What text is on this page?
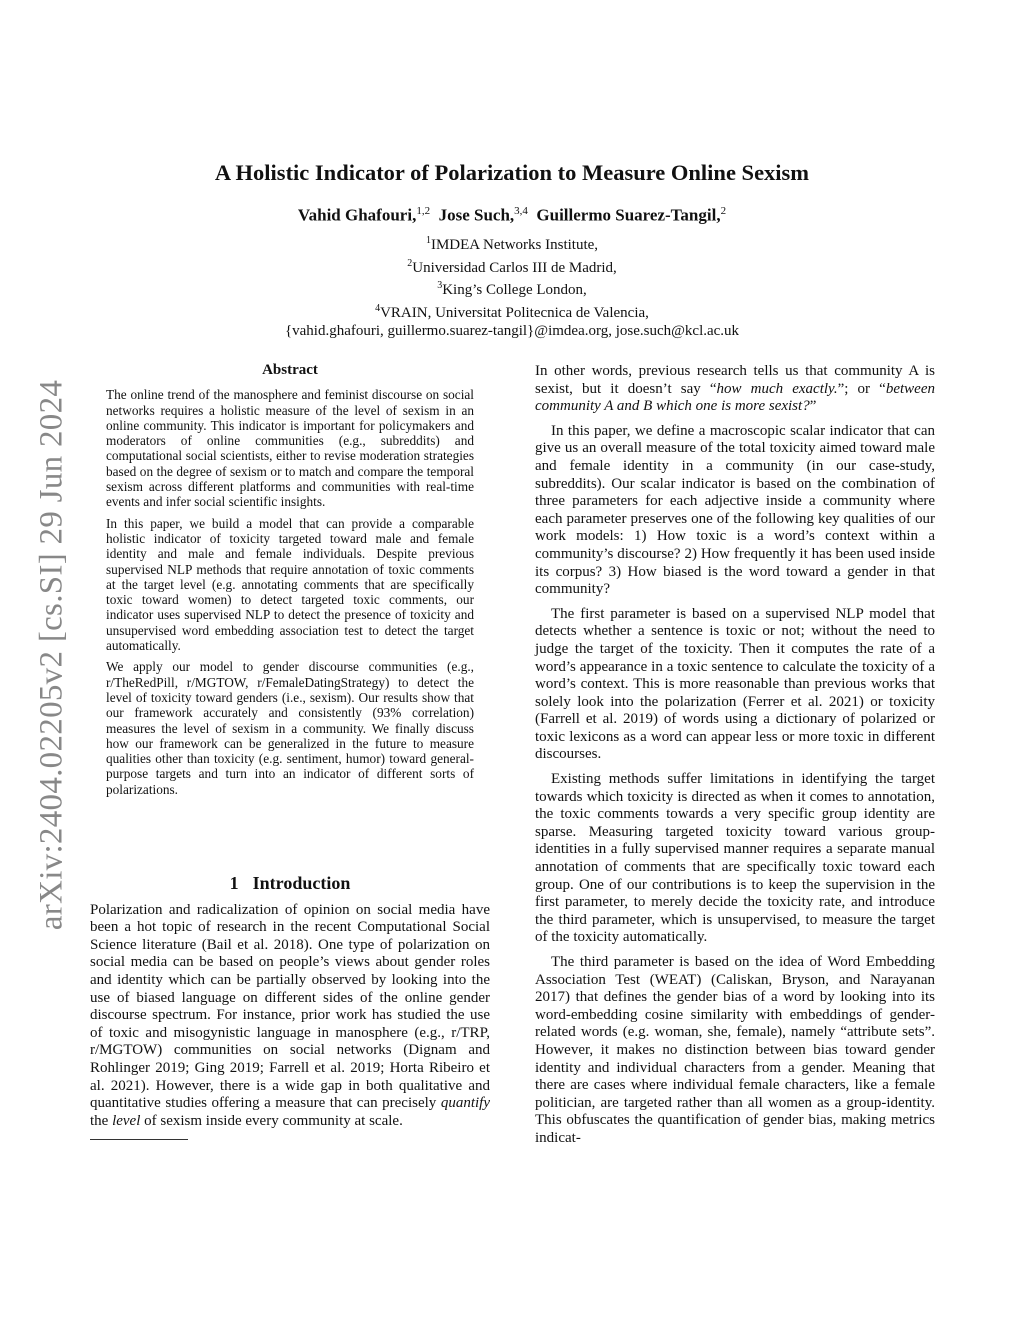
A Holistic Indicator of Polarization to Measure Online Sexism
Vahid Ghafouri,$^{1,2}$ Jose Such,$^{3,4}$ Guillermo Suarez-Tangil,$^2$
$^1$IMDEA Networks Institute,
$^2$Universidad Carlos III de Madrid,
$^3$King’s College London,
$^4$VRAIN, Universitat Politecnica de Valencia,
{vahid.ghafouri, guillermo.suarez-tangil}@imdea.org, jose.such@kcl.ac.uk
arXiv:2404.02205v2 [cs.SI] 29 Jun 2024
Abstract

The online trend of the manosphere and feminist discourse on social networks requires a holistic measure of the level of sexism in an online community. This indicator is important for policymakers and moderators of online communities (e.g., subreddits) and computational social scientists, either to revise moderation strategies based on the degree of sexism or to match and compare the temporal sexism across different platforms and communities with real-time events and infer social scientific insights.

In this paper, we build a model that can provide a comparable holistic indicator of toxicity targeted toward male and female identity and male and female individuals. Despite previous supervised NLP methods that require annotation of toxic comments at the target level (e.g. annotating comments that are specifically toxic toward women) to detect targeted toxic comments, our indicator uses supervised NLP to detect the presence of toxicity and unsupervised word embedding association test to detect the target automatically.

We apply our model to gender discourse communities (e.g., r/TheRedPill, r/MGTOW, r/FemaleDatingStrategy) to detect the level of toxicity toward genders (i.e., sexism). Our results show that our framework accurately and consistently (93% correlation) measures the level of sexism in a community. We finally discuss how our framework can be generalized in the future to measure qualities other than toxicity (e.g. sentiment, humor) toward general-purpose targets and turn into an indicator of different sorts of polarizations.

1 Introduction

Polarization and radicalization of opinion on social media have been a hot topic of research in the recent Computational Social Science literature (Bail et al. 2018). One type of polarization on social media can be based on people’s views about gender roles and identity which can be partially observed by looking into the use of biased language on different sides of the online gender discourse spectrum. For instance, prior work has studied the use of toxic and misogynistic language in manosphere (e.g., r/TRP, r/MGTOW) communities on social networks (Dignam and Rohlinger 2019; Ging 2019; Farrell et al. 2019; Horta Ribeiro et al. 2021). However, there is a wide gap in both qualitative and quantitative studies offering a measure that can precisely quantify the level of sexism inside every community at scale.

In other words, previous research tells us that community A is sexist, but it doesn’t say “how much exactly.”; or “between community A and B which one is more sexist?”

In this paper, we define a macroscopic scalar indicator that can give us an overall measure of the total toxicity aimed toward male and female identity in a community (in our case-study, subreddits). Our scalar indicator is based on the combination of three parameters for each adjective inside a community where each parameter preserves one of the following key qualities of our work models: 1) How toxic is a word’s context within a community’s discourse? 2) How frequently it has been used inside its corpus? 3) How biased is the word toward a gender in that community?

The first parameter is based on a supervised NLP model that detects whether a sentence is toxic or not; without the need to judge the target of the toxicity. Then it computes the rate of a word’s appearance in a toxic sentence to calculate the toxicity of a word’s context. This is more reasonable than previous works that solely look into the polarization (Ferrer et al. 2021) or toxicity (Farrell et al. 2019) of words using a dictionary of polarized or toxic lexicons as a word can appear less or more toxic in different discourses.

Existing methods suffer limitations in identifying the target towards which toxicity is directed as when it comes to annotation, the toxic comments towards a very specific group identity are sparse. Measuring targeted toxicity toward various group-identities in a fully supervised manner requires a separate manual annotation of comments that are specifically toxic toward each group. One of our contributions is to keep the supervision in the first parameter, to merely decide the toxicity rate, and introduce the third parameter, which is unsupervised, to measure the target of the toxicity automatically.

The third parameter is based on the idea of Word Embedding Association Test (WEAT) (Caliskan, Bryson, and Narayanan 2017) that defines the gender bias of a word by looking into its word-embedding cosine similarity with embeddings of gender-related words (e.g. woman, she, female), namely “attribute sets”. However, it makes no distinction between bias toward gender identity and individual characters from a gender. Meaning that there are cases where individual female characters, like a female politician, are targeted rather than all women as a group-identity. This obfuscates the quantification of gender bias, making metrics indicat-
